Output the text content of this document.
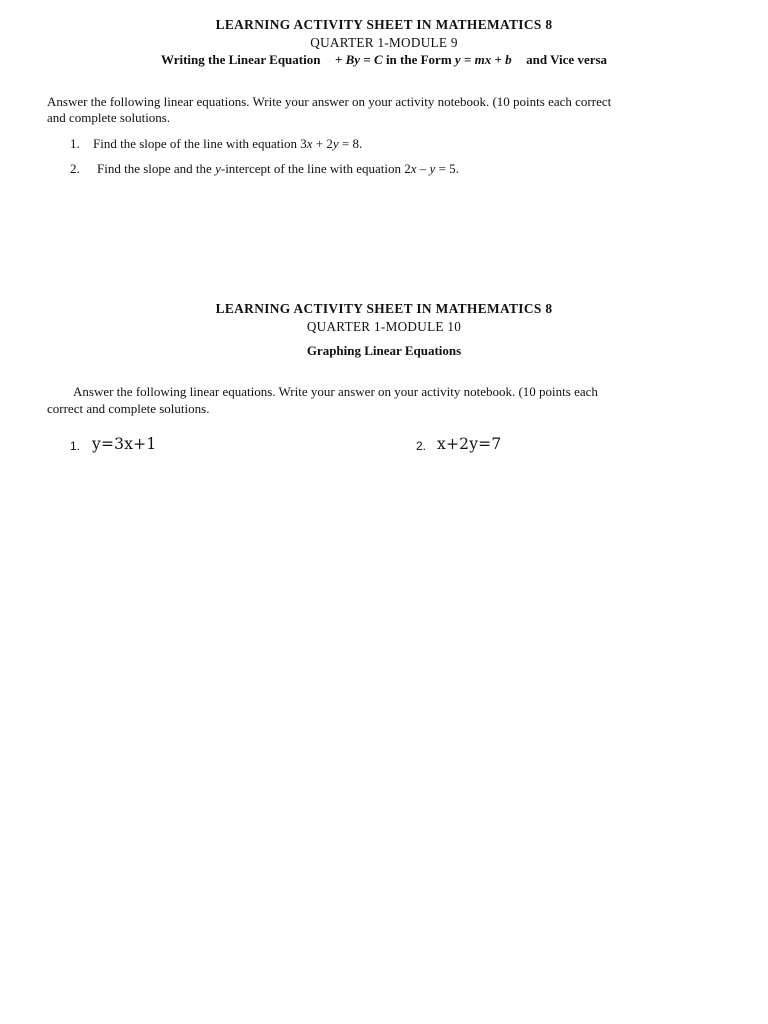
LEARNING ACTIVITY SHEET IN MATHEMATICS 8
QUARTER 1-MODULE 9
Writing the Linear Equation + By = C in the Form y = mx + b and Vice versa
Answer the following linear equations. Write your answer on your activity notebook. (10 points each correct
and complete solutions.
1. Find the slope of the line with equation 3x + 2y = 8.
2. Find the slope and the y-intercept of the line with equation 2x – y = 5.
LEARNING ACTIVITY SHEET IN MATHEMATICS 8
QUARTER 1-MODULE 10
Graphing Linear Equations
Answer the following linear equations. Write your answer on your activity notebook. (10 points each
correct and complete solutions.
1. y=3x+1	2. x+2y=7
